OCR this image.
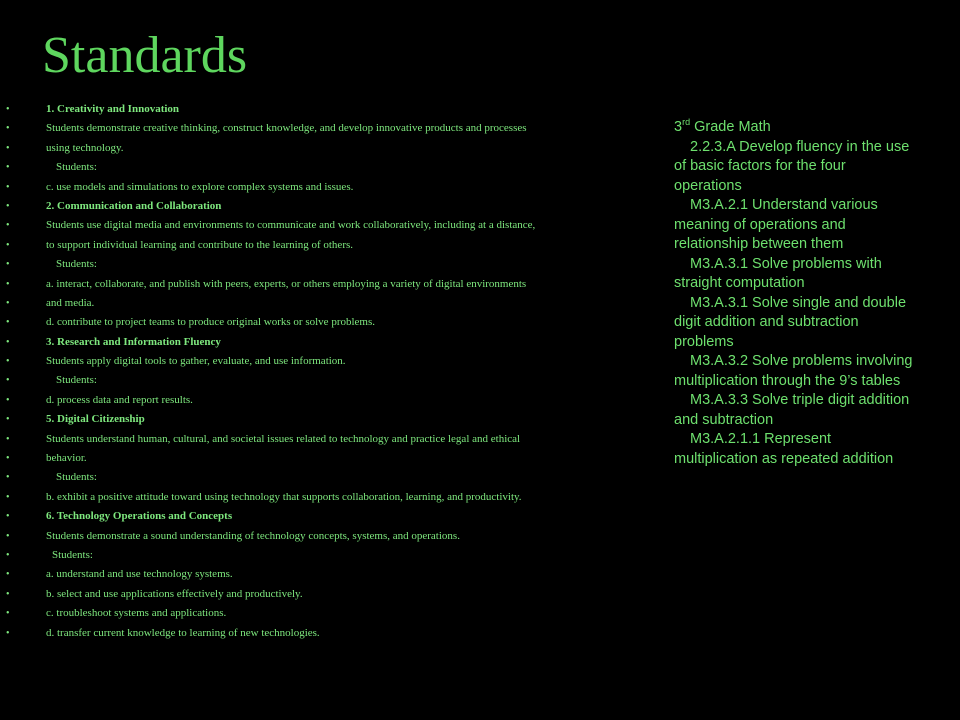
Standards
•	1. Creativity and Innovation
•	Students demonstrate creative thinking, construct knowledge, and develop innovative products and processes
•	using technology.
•	Students:
•	c. use models and simulations to explore complex systems and issues.
•	2. Communication and Collaboration
•	Students use digital media and environments to communicate and work collaboratively, including at a distance,
•	to support individual learning and contribute to the learning of others.
•	Students:
•	a. interact, collaborate, and publish with peers, experts, or others employing a variety of digital environments
•	and media.
•	d. contribute to project teams to produce original works or solve problems.
•	3. Research and Information Fluency
•	Students apply digital tools to gather, evaluate, and use information.
•	Students:
•	d. process data and report results.
•	5. Digital Citizenship
•	Students understand human, cultural, and societal issues related to technology and practice legal and ethical
•	behavior.
•	Students:
•	b. exhibit a positive attitude toward using technology that supports collaboration, learning, and productivity.
•	6. Technology Operations and Concepts
•	Students demonstrate a sound understanding of technology concepts, systems, and operations.
•	Students:
•	a. understand and use technology systems.
•	b. select and use applications effectively and productively.
•	c. troubleshoot systems and applications.
•	d. transfer current knowledge to learning of new technologies.
3rd Grade Math
2.2.3.A Develop fluency in the use of basic factors for the four operations
M3.A.2.1 Understand various meaning of operations and relationship between them
M3.A.3.1 Solve problems with straight computation
M3.A.3.1 Solve single and double digit addition and subtraction problems
M3.A.3.2 Solve problems involving multiplication through the 9’s tables
M3.A.3.3 Solve triple digit addition and subtraction
M3.A.2.1.1 Represent multiplication as repeated addition
